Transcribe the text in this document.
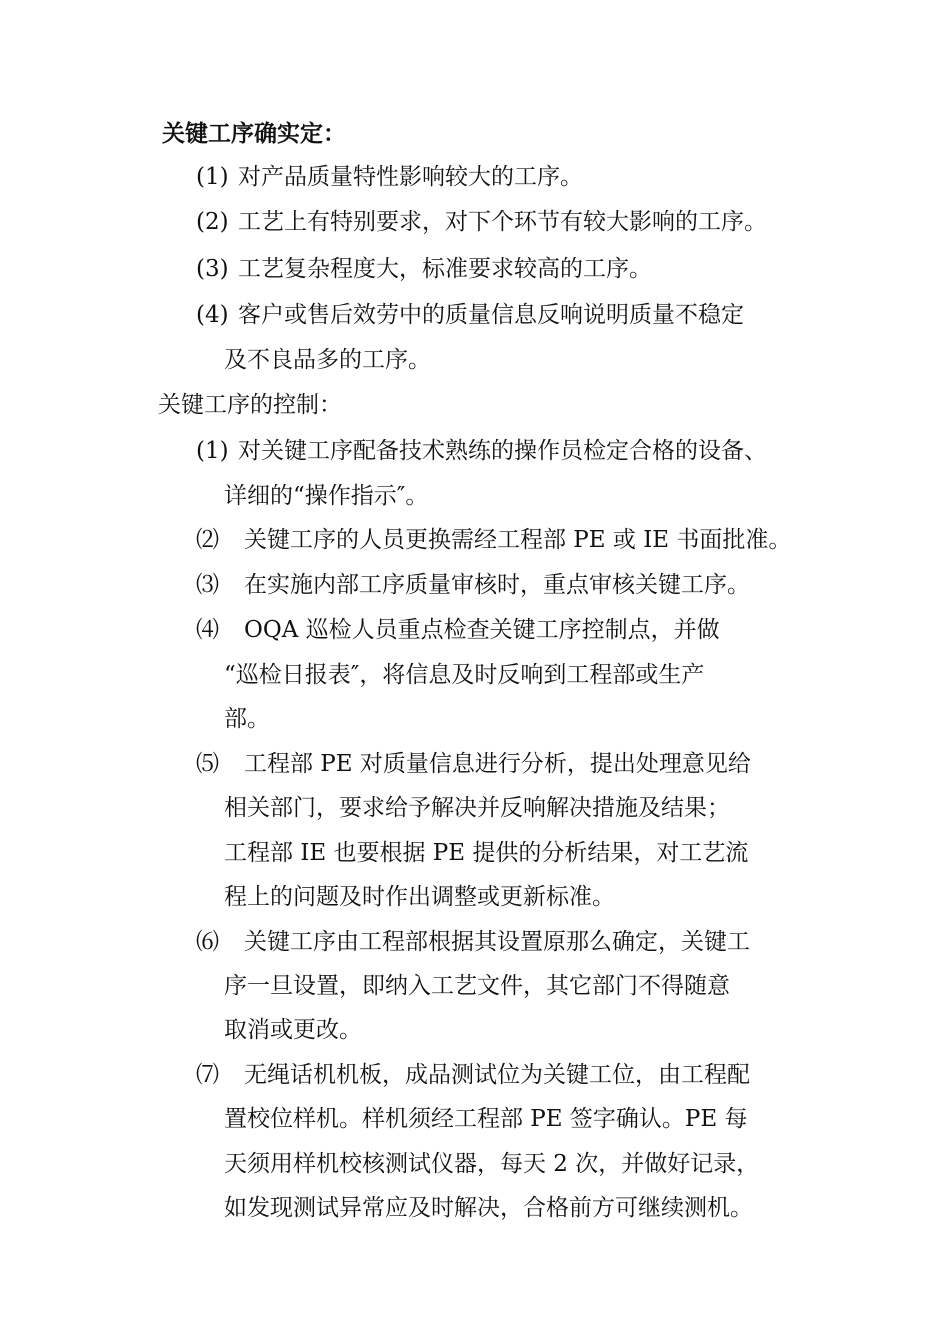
关键工序确实定：
(1) 对产品质量特性影响较大的工序。
(2) 工艺上有特别要求，对下个环节有较大影响的工序。
(3) 工艺复杂程度大，标准要求较高的工序。
(4) 客户或售后效劳中的质量信息反响说明质量不稳定
及不良品多的工序。
关键工序的控制：
(1) 对关键工序配备技术熟练的操作员检定合格的设备、
详细的“操作指示″。
⑵ 关键工序的人员更换需经工程部 PE 或 IE 书面批准。
⑶ 在实施内部工序质量审核时，重点审核关键工序。
⑷ OQA 巡检人员重点检查关键工序控制点，并做
“巡检日报表″，将信息及时反响到工程部或生产
部。
⑸ 工程部 PE 对质量信息进行分析，提出处理意见给
相关部门，要求给予解决并反响解决措施及结果；
工程部 IE 也要根据 PE 提供的分析结果，对工艺流
程上的问题及时作出调整或更新标准。
⑹ 关键工序由工程部根据其设置原那么确定，关键工
序一旦设置，即纳入工艺文件，其它部门不得随意
取消或更改。
⑺ 无绳话机机板，成品测试位为关键工位，由工程配
置校位样机。样机须经工程部 PE 签字确认。PE 每
天须用样机校核测试仪器，每天 2 次，并做好记录，
如发现测试异常应及时解决，合格前方可继续测机。
